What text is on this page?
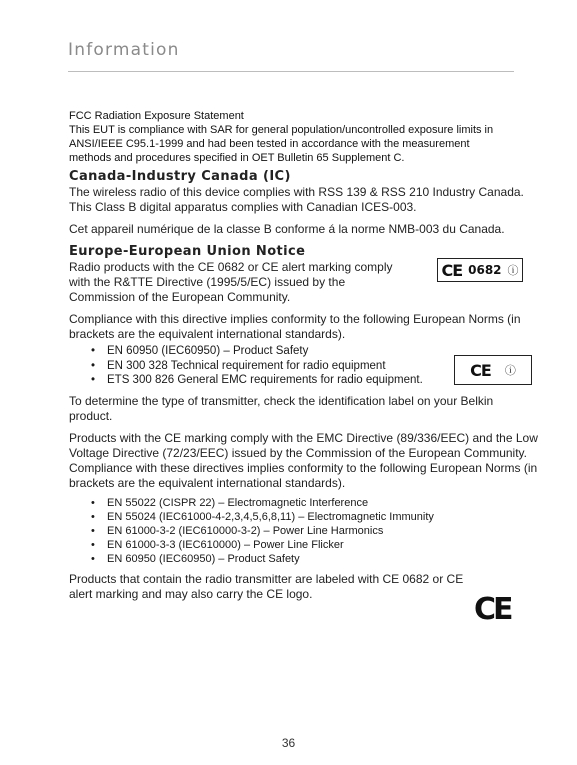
Information

FCC Radiation Exposure Statement

This EUT is compliance with SAR for general population/uncontrolled exposure limits in

ANSI/IEEE C95.1-1999 and had been tested in accordance with the measurement

methods and procedures specified in OET Bulletin 65 Supplement C.

Canada-Industry Canada (IC)

The wireless radio of this device complies with RSS 139 & RSS 210 Industry Canada. This Class B digital apparatus complies with Canadian ICES-003.

Cet appareil numérique de la classe B conforme á la norme NMB-003 du Canada.

Europe-European Union Notice

Radio products with the CE 0682 or CE alert marking comply with the R&TTE Directive (1995/5/EC) issued by the Commission of the European Community.

Compliance with this directive implies conformity to the following European Norms (in brackets are the equivalent international standards).

• EN 60950 (IEC60950) – Product Safety
• EN 300 328 Technical requirement for radio equipment
• ETS 300 826 General EMC requirements for radio equipment.

To determine the type of transmitter, check the identification label on your Belkin product.

Products with the CE marking comply with the EMC Directive (89/336/EEC) and the Low Voltage Directive (72/23/EEC) issued by the Commission of the European Community. Compliance with these directives implies conformity to the following European Norms (in brackets are the equivalent international standards).

• EN 55022 (CISPR 22) – Electromagnetic Interference
• EN 55024 (IEC61000-4-2,3,4,5,6,8,11) – Electromagnetic Immunity
• EN 61000-3-2 (IEC610000-3-2) – Power Line Harmonics
• EN 61000-3-3 (IEC610000) – Power Line Flicker
• EN 60950 (IEC60950) – Product Safety

Products that contain the radio transmitter are labeled with CE 0682 or CE alert marking and may also carry the CE logo.

CE 0682 ⓘ
CE ⓘ
CE
36
